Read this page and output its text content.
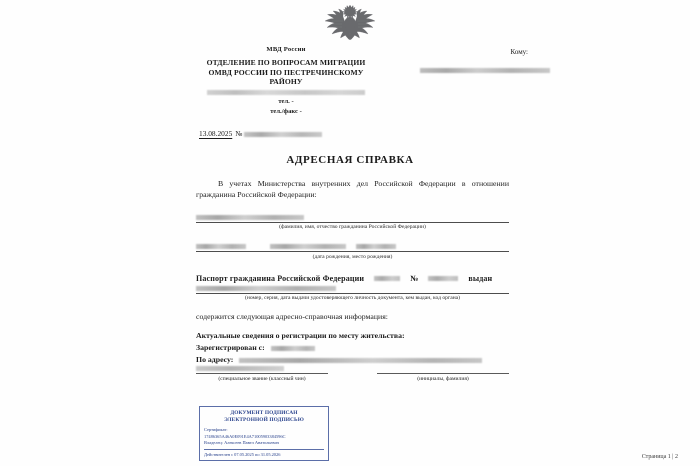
МВД России
ОТДЕЛЕНИЕ ПО ВОПРОСАМ МИГРАЦИИ ОМВД РОССИИ ПО ПЕСТРЕЧИНСКОМУ РАЙОНУ
тел. -
тел./факс -
Кому:
13.08.2025 №
АДРЕСНАЯ СПРАВКА
В учетах Министерства внутренних дел Российской Федерации в отношении гражданина Российской Федерации:
(фамилия, имя, отчество гражданина Российской Федерации)
(дата рождения, место рождения)
Паспорт гражданина Российской Федерации	№	выдан
(номер, серия, дата выдачи удостоверяющего личность документа, кем выдан, код органа)
содержится следующая адресно-справочная информация:
Актуальные сведения о регистрации по месту жительства:
Зарегистрирован с:
По адресу:
(специальное звание (классный чин)	(инициалы, фамилия)
ДОКУМЕНТ ПОДПИСАН
ЭЛЕКТРОННОЙ ПОДПИСЬЮ
Сертификат:
17486365A46A0E091E4A71005903384596C
Владелец: Алексеев Павел Анатольевич
Действителен с 07.05.2025 по 31.05.2026	Страница 1 | 2
